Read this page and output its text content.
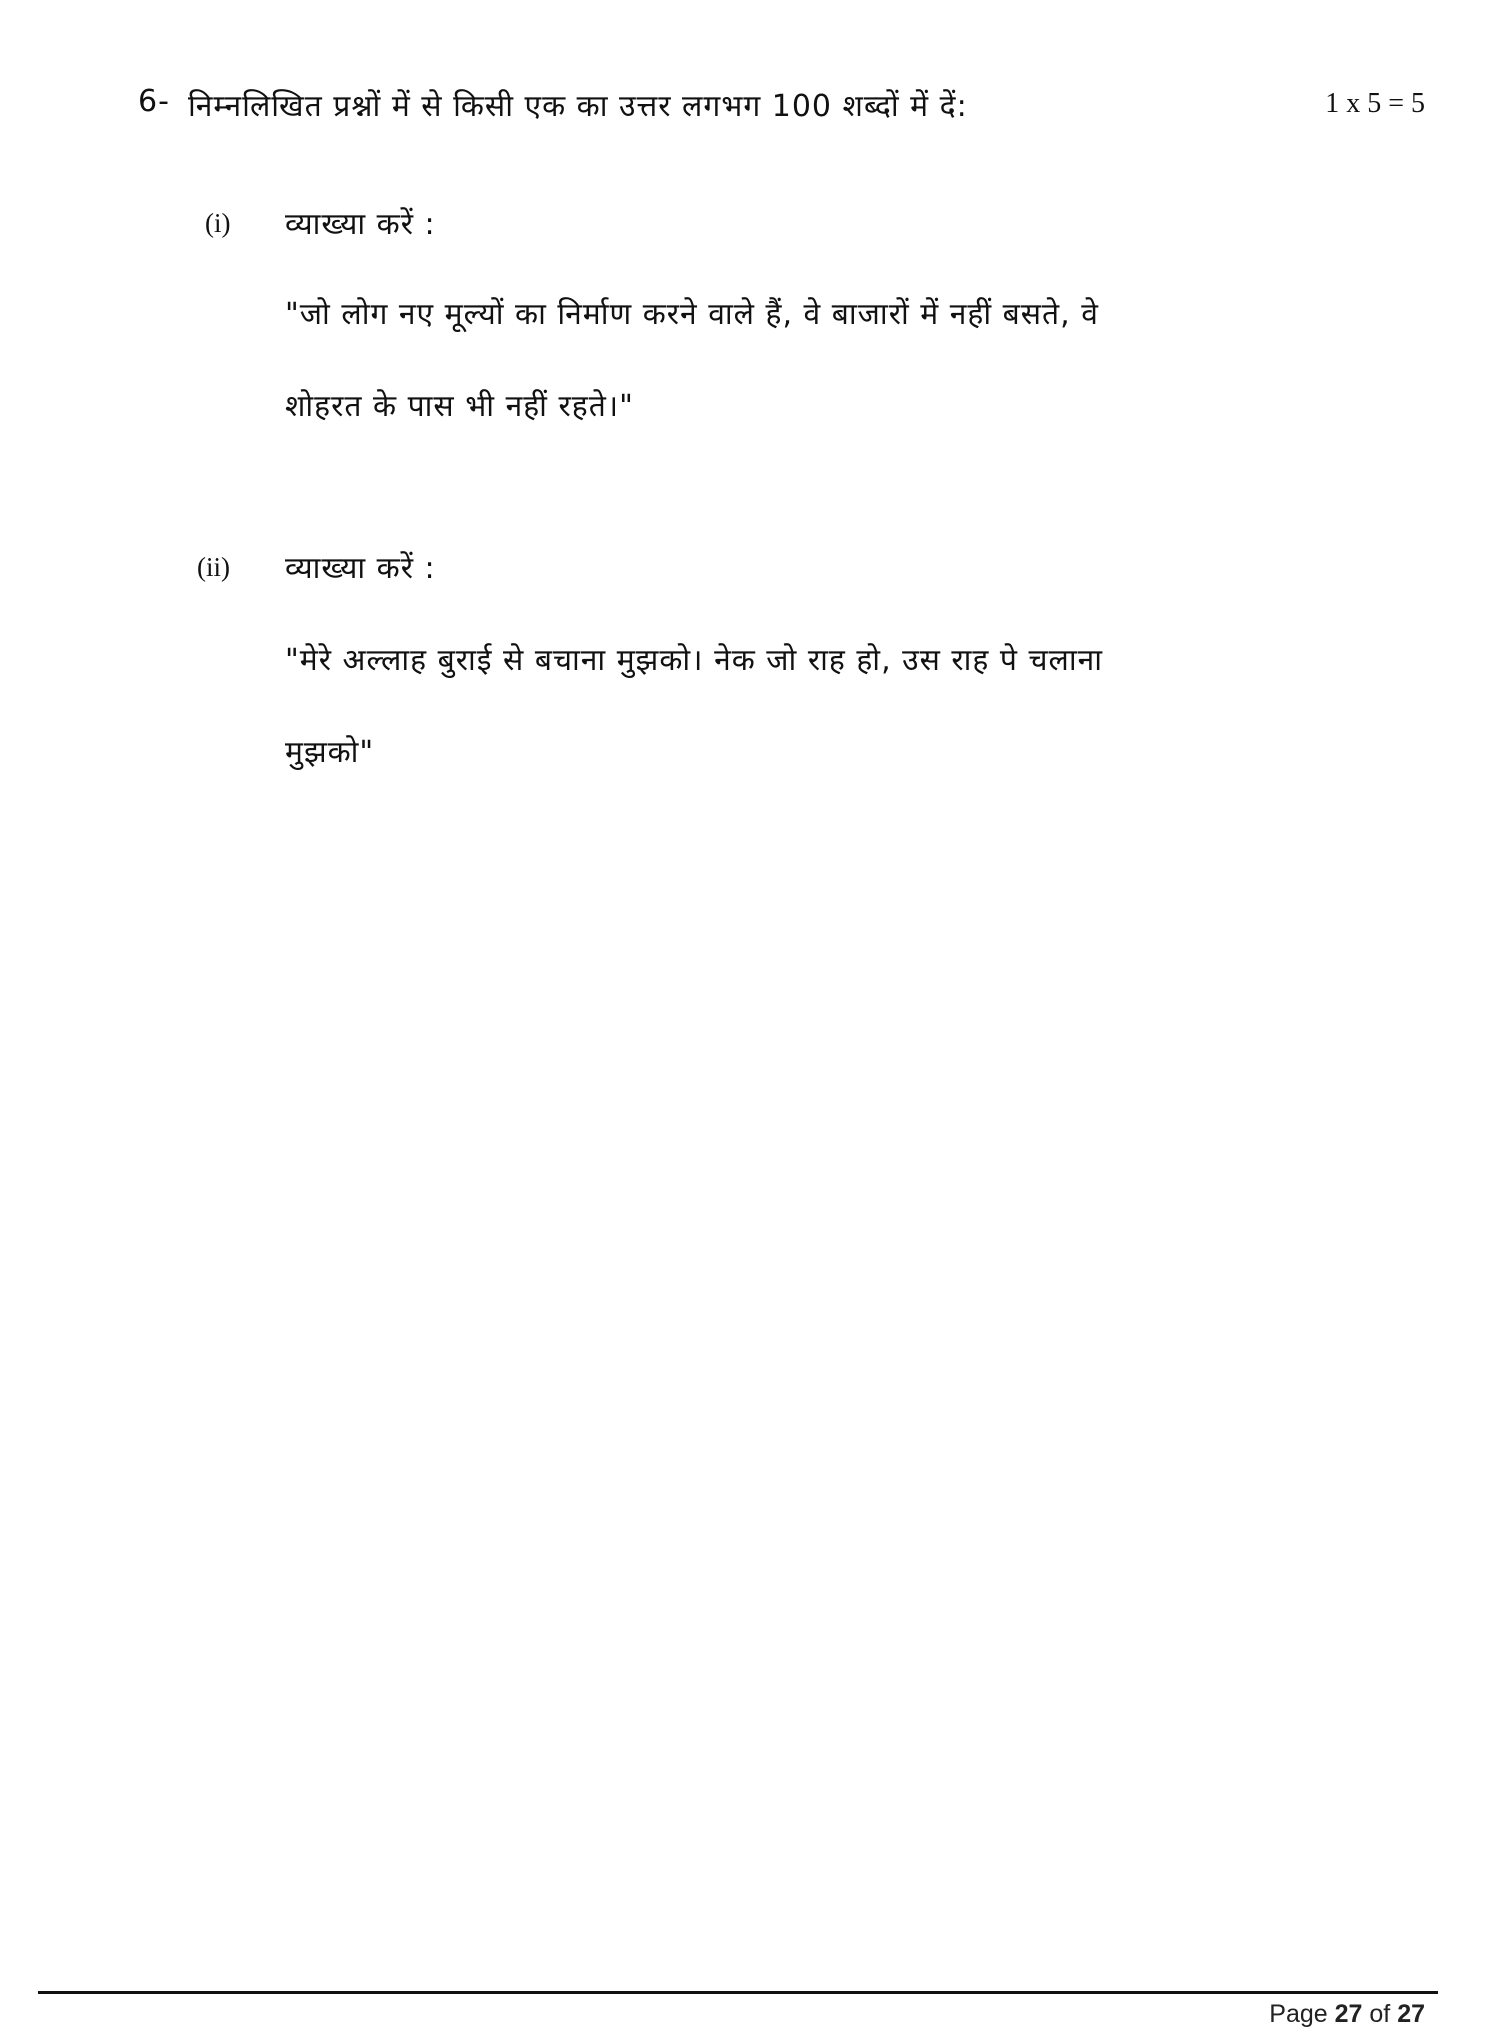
6- निम्नलिखित प्रश्नों में से किसी एक का उत्तर लगभग 100 शब्दों में दें:	1 x 5 = 5
(i) व्याख्या करें :
"जो लोग नए मूल्यों का निर्माण करने वाले हैं, वे बाजारों में नहीं बसते, वे
शोहरत के पास भी नहीं रहते।"
(ii) व्याख्या करें :
"मेरे अल्लाह बुराई से बचाना मुझको। नेक जो राह हो, उस राह पे चलाना
मुझको"
Page 27 of 27
